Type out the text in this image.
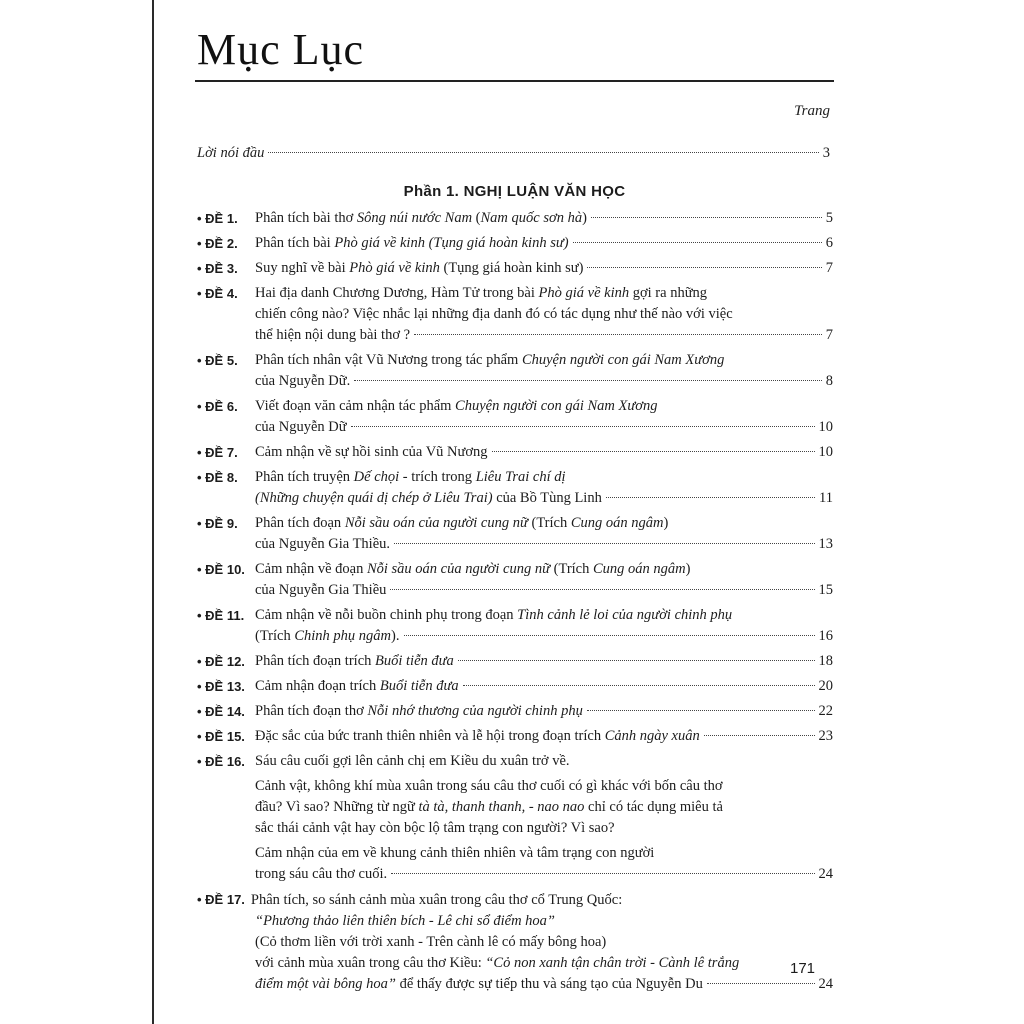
Mục Lục
Trang
Lời nói đầu	3
Phần 1. NGHỊ LUẬN VĂN HỌC
• ĐỀ 1. Phân tích bài thơ Sông núi nước Nam (Nam quốc sơn hà)	5
• ĐỀ 2. Phân tích bài Phò giá về kinh (Tụng giá hoàn kinh sư)	6
• ĐỀ 3. Suy nghĩ về bài Phò giá về kinh (Tụng giá hoàn kinh sư)	7
• ĐỀ 4. Hai địa danh Chương Dương, Hàm Tử trong bài Phò giá về kinh gợi ra những
chiến công nào? Việc nhắc lại những địa danh đó có tác dụng như thế nào với việc
thể hiện nội dung bài thơ ?	7
• ĐỀ 5. Phân tích nhân vật Vũ Nương trong tác phẩm Chuyện người con gái Nam Xương
của Nguyễn Dữ.	8
• ĐỀ 6. Viết đoạn văn cảm nhận tác phẩm Chuyện người con gái Nam Xương
của Nguyễn Dữ	10
• ĐỀ 7. Cảm nhận về sự hồi sinh của Vũ Nương	10
• ĐỀ 8. Phân tích truyện Dế chọi - trích trong Liêu Trai chí dị
(Những chuyện quái dị chép ở Liêu Trai) của Bồ Tùng Linh	11
• ĐỀ 9. Phân tích đoạn Nỗi sầu oán của người cung nữ (Trích Cung oán ngâm)
của Nguyễn Gia Thiều.	13
• ĐỀ 10. Cảm nhận về đoạn Nỗi sầu oán của người cung nữ (Trích Cung oán ngâm)
của Nguyễn Gia Thiều	15
• ĐỀ 11. Cảm nhận về nỗi buồn chinh phụ trong đoạn Tình cảnh lẻ loi của người chinh phụ
(Trích Chinh phụ ngâm).	16
• ĐỀ 12. Phân tích đoạn trích Buổi tiễn đưa	18
• ĐỀ 13. Cảm nhận đoạn trích Buổi tiễn đưa	20
• ĐỀ 14. Phân tích đoạn thơ Nỗi nhớ thương của người chinh phụ	22
• ĐỀ 15. Đặc sắc của bức tranh thiên nhiên và lễ hội trong đoạn trích Cảnh ngày xuân	23
• ĐỀ 16. Sáu câu cuối gợi lên cảnh chị em Kiều du xuân trở về.
Cảnh vật, không khí mùa xuân trong sáu câu thơ cuối có gì khác với bốn câu thơ
đầu? Vì sao? Những từ ngữ tà tà, thanh thanh, - nao nao chỉ có tác dụng miêu tả
sắc thái cảnh vật hay còn bộc lộ tâm trạng con người? Vì sao?
Cảm nhận của em về khung cảnh thiên nhiên và tâm trạng con người
trong sáu câu thơ cuối.	24
• ĐỀ 17. Phân tích, so sánh cảnh mùa xuân trong câu thơ cổ Trung Quốc:
“Phương thảo liên thiên bích - Lê chi sổ điểm hoa”
(Cỏ thơm liền với trời xanh - Trên cành lê có mấy bông hoa)
với cảnh mùa xuân trong câu thơ Kiều: “Cỏ non xanh tận chân trời - Cành lê trắng
điểm một vài bông hoa” để thấy được sự tiếp thu và sáng tạo của Nguyễn Du	24
171
